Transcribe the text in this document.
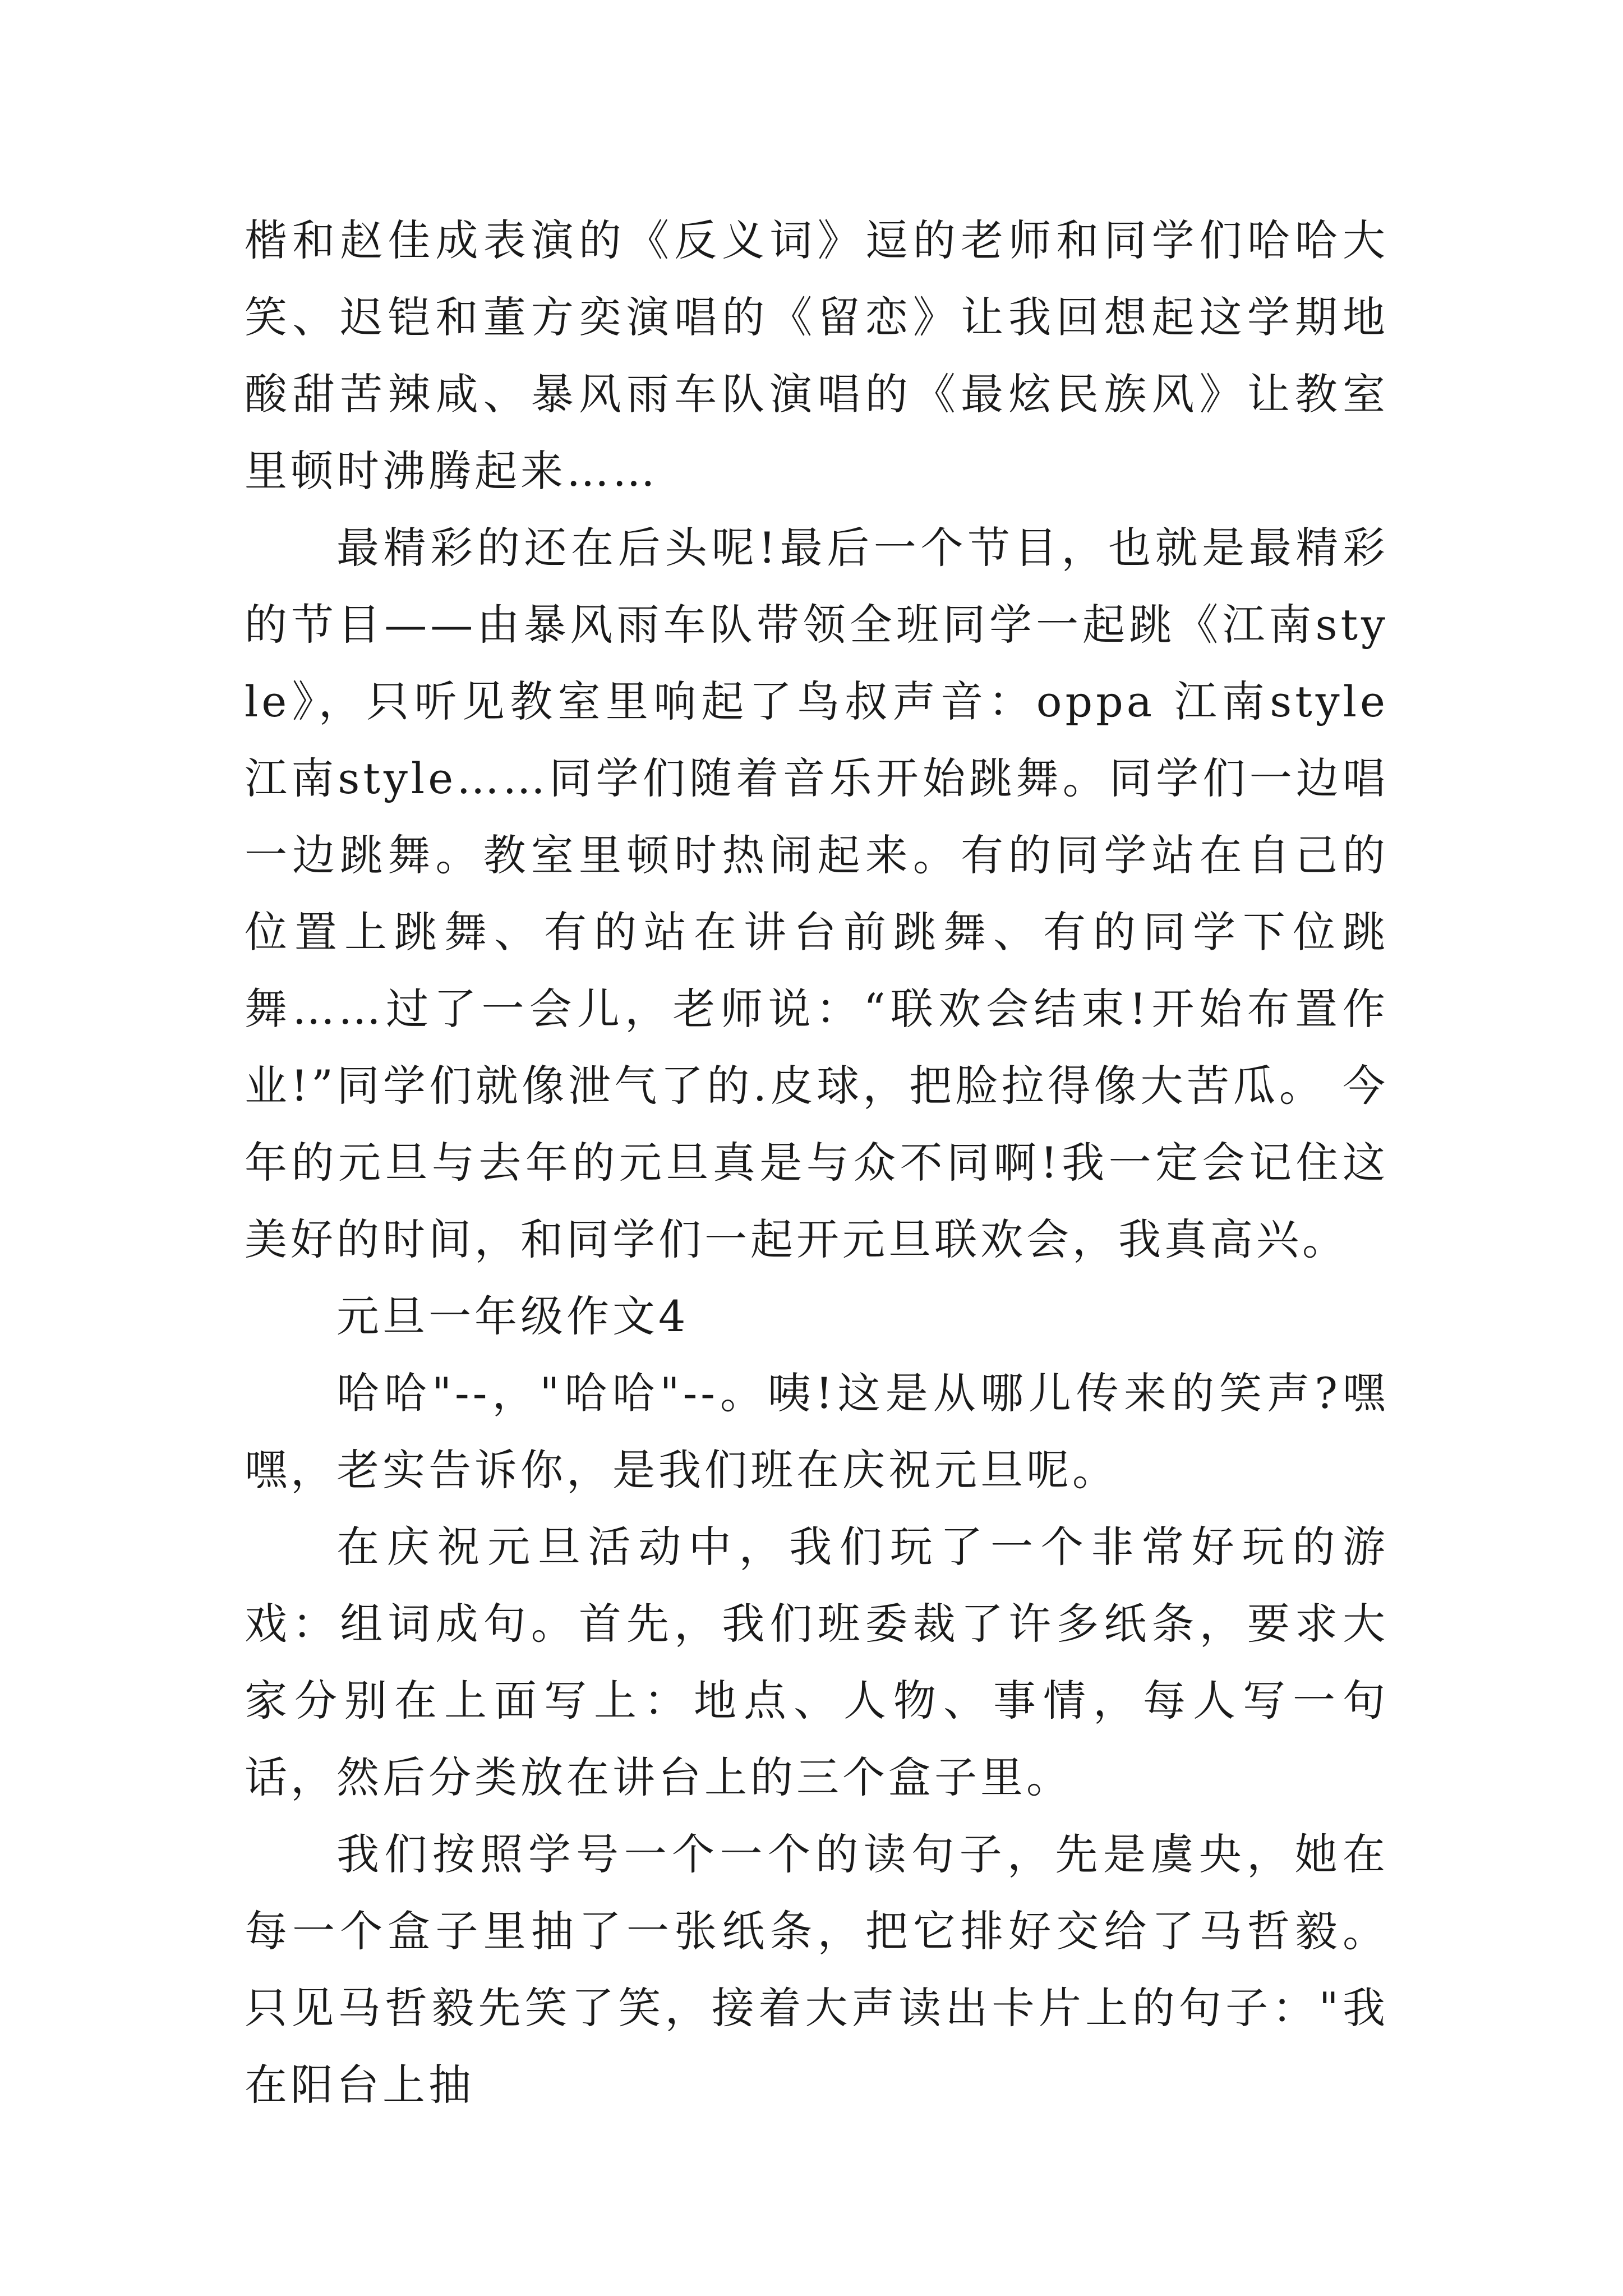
楷和赵佳成表演的《反义词》逗的老师和同学们哈哈大笑、迟铠和董方奕演唱的《留恋》让我回想起这学期地酸甜苦辣咸、暴风雨车队演唱的《最炫民族风》让教室里顿时沸腾起来……

最精彩的还在后头呢!最后一个节目，也就是最精彩的节目——由暴风雨车队带领全班同学一起跳《江南style》，只听见教室里响起了鸟叔声音：oppa 江南style 江南style……同学们随着音乐开始跳舞。同学们一边唱一边跳舞。教室里顿时热闹起来。有的同学站在自己的位置上跳舞、有的站在讲台前跳舞、有的同学下位跳舞……过了一会儿，老师说：“联欢会结束!开始布置作业!”同学们就像泄气了的.皮球，把脸拉得像大苦瓜。 今年的元旦与去年的元旦真是与众不同啊!我一定会记住这美好的时间，和同学们一起开元旦联欢会，我真高兴。

元旦一年级作文4

哈哈"--，"哈哈"--。咦!这是从哪儿传来的笑声?嘿嘿，老实告诉你，是我们班在庆祝元旦呢。

在庆祝元旦活动中，我们玩了一个非常好玩的游戏：组词成句。首先，我们班委裁了许多纸条，要求大家分别在上面写上：地点、人物、事情，每人写一句话，然后分类放在讲台上的三个盒子里。

我们按照学号一个一个的读句子，先是虞央，她在每一个盒子里抽了一张纸条，把它排好交给了马哲毅。只见马哲毅先笑了笑，接着大声读出卡片上的句子："我在阳台上抽
